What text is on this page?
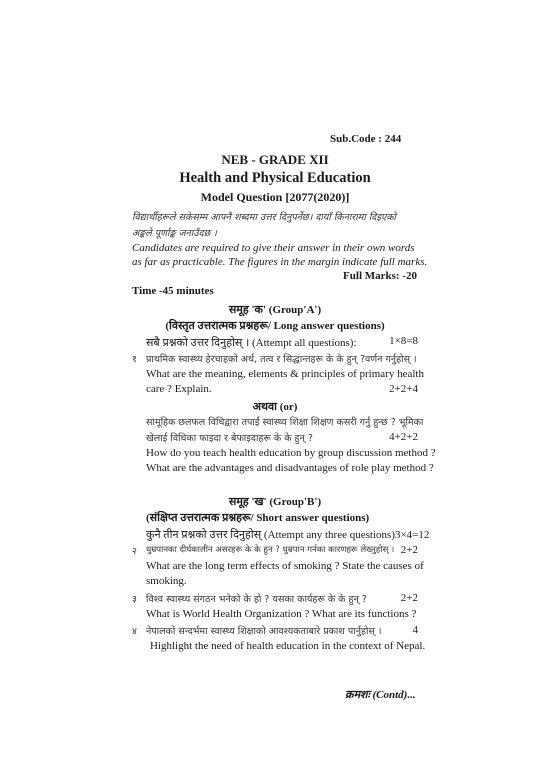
Sub.Code : 244
NEB - GRADE XII
Health and Physical Education
Model Question [2077(2020)]
विद्यार्थीहरूले सकेसम्म आफ्नै शब्दमा उत्तर दिनुपर्नेछ। दायाँ किनारामा दिइएको
अङ्कले पूर्णाङ्क जनाउँदछ ।
Candidates are required to give their answer in their own words
as far as practicable. The figures in the margin indicate full marks.
Full Marks: -20
Time -45 minutes
समूह 'क' (Group'A')
(विस्तृत उत्तरात्मक प्रश्नहरू/ Long answer questions)
सबै प्रश्नको उत्तर दिनुहोस् । (Attempt all questions):	1×8=8
१ प्राथमिक स्वास्थ्य हेरचाहको अर्थ, तत्व र सिद्धान्तहरू के के हुन् ?वर्णन गर्नुहोस् ।
What are the meaning, elements & principles of primary health
care ? Explain.	2+2+4
अथवा (or)
सामूहिक छलफल विधिद्वारा तपाईं स्वास्थ्य शिक्षा शिक्षण कसरी गर्नु हुन्छ ? भूमिका
खेलाई विधिका फाइदा र बेफाइदाहरू के के हुन् ?	4+2+2
How do you teach health education by group discussion method ?
What are the advantages and disadvantages of role play method ?
समूह 'ख' (Group'B')
(संक्षिप्त उत्तरात्मक प्रश्नहरू/ Short answer questions)
कुनै तीन प्रश्नको उत्तर दिनुहोस् (Attempt any three questions)3×4=12
२ धुम्रपानका दीर्घकालीन असरहरू के के हुन ? धुम्रपान गर्नका कारणहरू लेख्नुहोस् । 2+2
What are the long term effects of smoking ? State the causes of
smoking.
३ विश्व स्वास्थ्य संगठन भनेको के हो ? यसका कार्यहरू के के हुन् ?	2+2
What is World Health Organization ? What are its functions ?
४ नेपालको सन्दर्भमा स्वास्थ्य शिक्षाको आवश्यकताबारे प्रकाश पार्नुहोस् ।	4
Highlight the need of health education in the context of Nepal.
क्रमशः (Contd)...
